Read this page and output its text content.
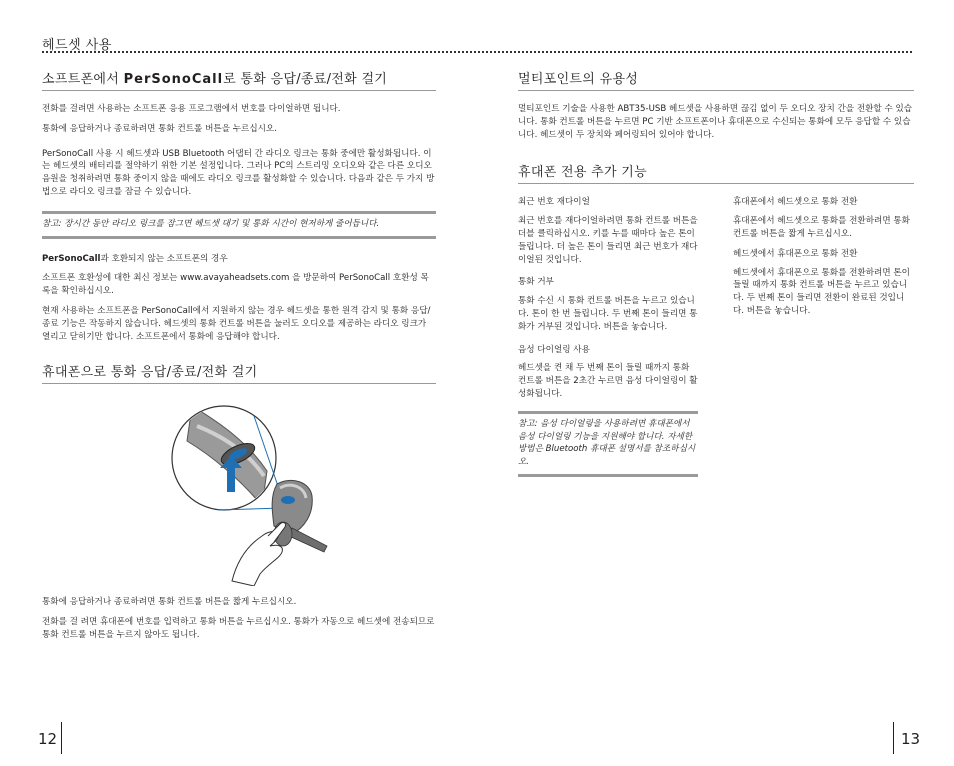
헤드셋 사용
소프트폰에서 PerSonoCall로 통화 응답/종료/전화 걸기

전화를 걸려면 사용하는 소프트폰 응용 프로그램에서 번호를 다이얼하면 됩니다.

통화에 응답하거나 종료하려면 통화 컨트롤 버튼을 누르십시오.

PerSonoCall 사용 시 헤드셋과 USB Bluetooth 어댑터 간 라디오 링크는 통화 중에만 활성화됩니다. 이는 헤드셋의 배터리를 절약하기 위한 기본 설정입니다. 그러나 PC의 스트리밍 오디오와 같은 다른 오디오 음원을 청취하려면 통화 중이지 않을 때에도 라디오 링크를 활성화할 수 있습니다. 다음과 같은 두 가지 방법으로 라디오 링크를 잠글 수 있습니다.

참고: 장시간 동안 라디오 링크를 잠그면 헤드셋 대기 및 통화 시간이 현저하게 줄어듭니다.

PerSonoCall과 호환되지 않는 소프트폰의 경우

소프트폰 호환성에 대한 최신 정보는 www.avayaheadsets.com 을 방문하여 PerSonoCall 호환성 목록을 확인하십시오.

현재 사용하는 소프트폰을 PerSonoCall에서 지원하지 않는 경우 헤드셋을 통한 원격 감지 및 통화 응답/종료 기능은 작동하지 않습니다. 헤드셋의 통화 컨트롤 버튼을 눌러도 오디오를 제공하는 라디오 링크가 열리고 닫히기만 합니다. 소프트폰에서 통화에 응답해야 합니다.

휴대폰으로 통화 응답/종료/전화 걸기

통화에 응답하거나 종료하려면 통화 컨트롤 버튼을 짧게 누르십시오.

전화를 걸 려면 휴대폰에 번호를 입력하고 통화 버튼을 누르십시오. 통화가 자동으로 헤드셋에 전송되므로 통화 컨트롤 버튼을 누르지 않아도 됩니다.

멀티포인트의 유용성

멀티포인트 기술을 사용한 ABT35-USB 헤드셋을 사용하면 끊김 없이 두 오디오 장치 간을 전환할 수 있습니다. 통화 컨트롤 버튼을 누르면 PC 기반 소프트폰이나 휴대폰으로 수신되는 통화에 모두 응답할 수 있습니다. 헤드셋이 두 장치와 페어링되어 있어야 합니다.

휴대폰 전용 추가 기능
최근 번호 재다이얼

최근 번호를 재다이얼하려면 통화 컨트롤 버튼을 더블 클릭하십시오. 키를 누를 때마다 높은 톤이 들립니다. 더 높은 톤이 들리면 최근 번호가 재다이얼된 것입니다.

통화 거부

통화 수신 시 통화 컨트롤 버튼을 누르고 있습니다. 톤이 한 번 들립니다. 두 번째 톤이 들리면 통화가 거부된 것입니다. 버튼을 놓습니다.

음성 다이얼링 사용

헤드셋을 켠 채 두 번째 톤이 들릴 때까지 통화 컨트롤 버튼을 2초간 누르면 음성 다이얼링이 활성화됩니다.

참고: 음성 다이얼링을 사용하려면 휴대폰에서 음성 다이얼링 기능을 지원해야 합니다. 자세한 방법은 Bluetooth 휴대폰 설명서를 참조하십시오.

휴대폰에서 헤드셋으로 통화 전환

휴대폰에서 헤드셋으로 통화를 전환하려면 통화 컨트롤 버튼을 짧게 누르십시오.

헤드셋에서 휴대폰으로 통화 전환

헤드셋에서 휴대폰으로 통화를 전환하려면 톤이 들릴 때까지 통화 컨트롤 버튼을 누르고 있습니다. 두 번째 톤이 들리면 전환이 완료된 것입니다. 버튼을 놓습니다.

12	13
